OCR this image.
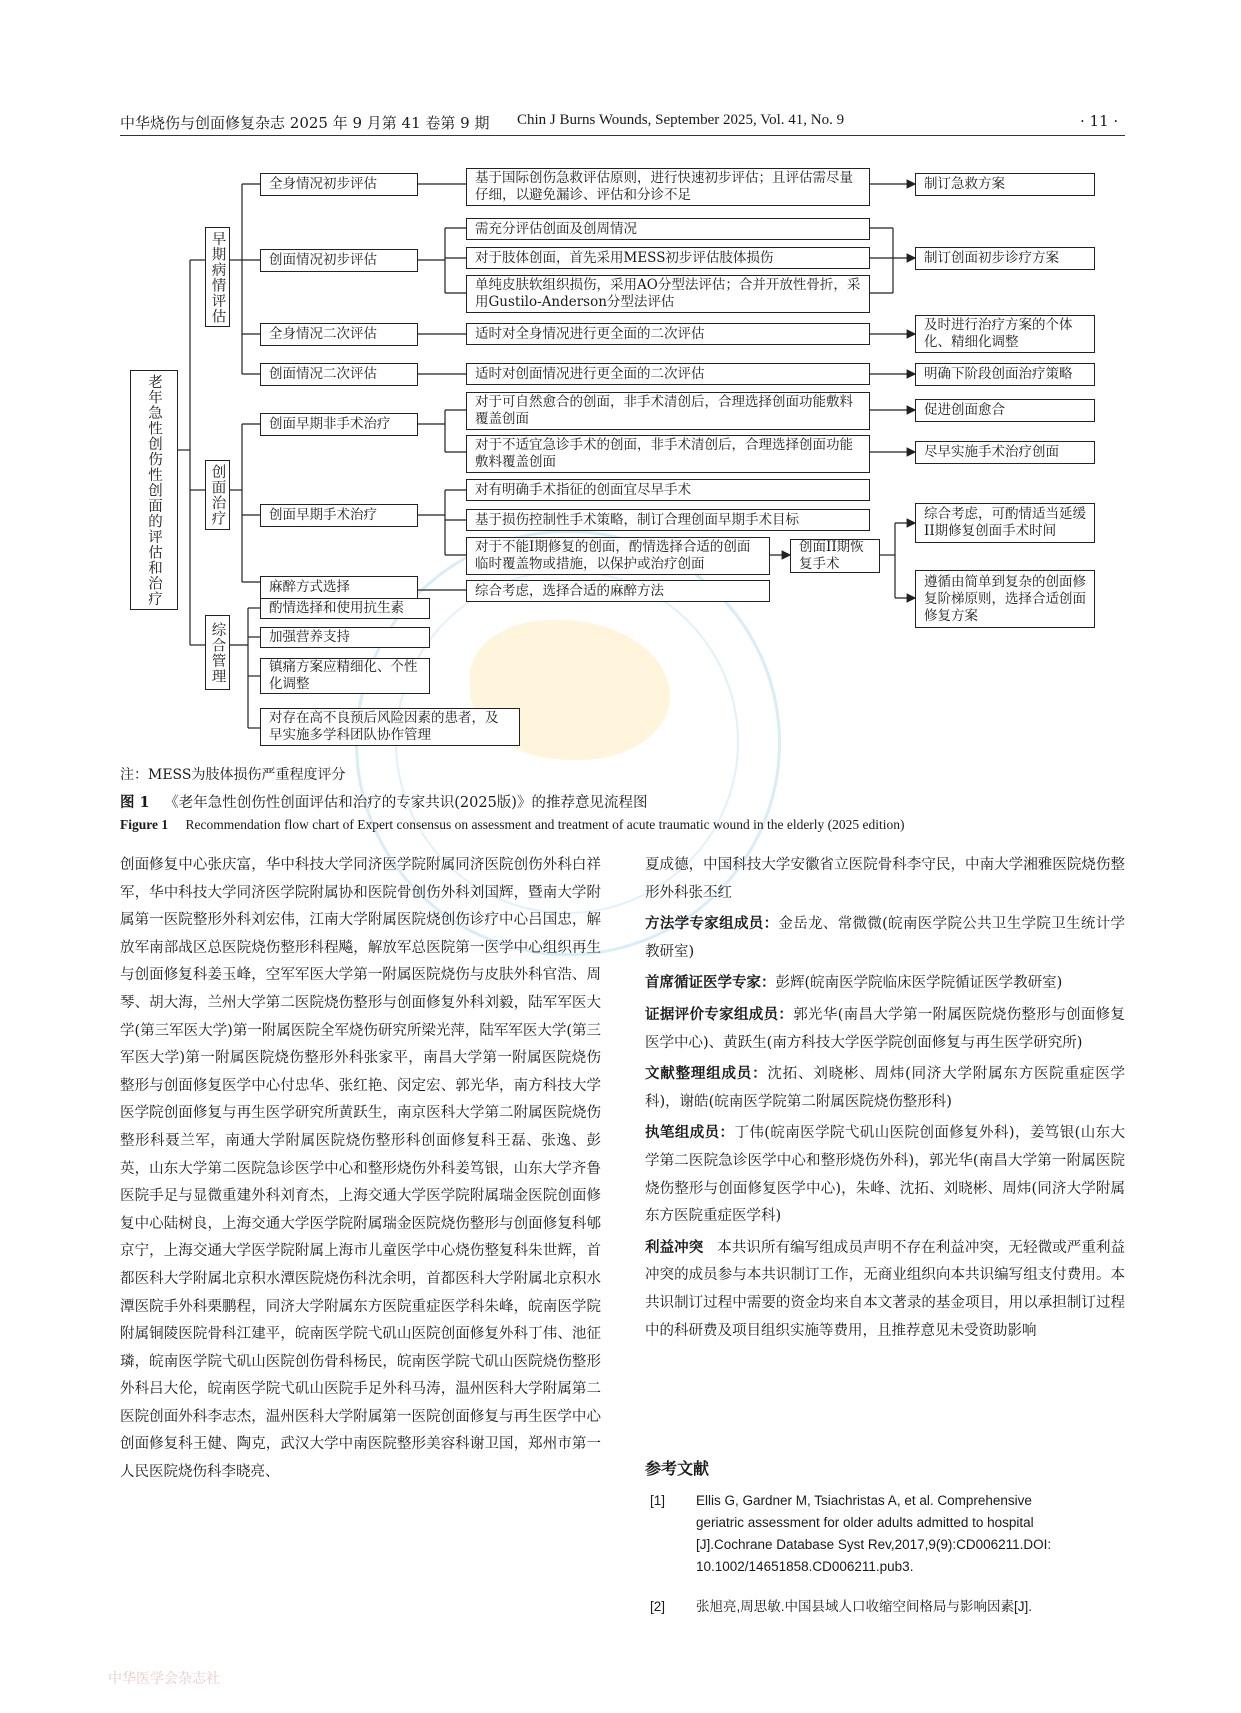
中华烧伤与创面修复杂志 2025 年 9 月第 41 卷第 9 期 Chin J Burns Wounds, September 2025, Vol. 41, No. 9	· 11 ·
老年急性创伤性创面的评估和治疗
早期病情评估
创面治疗
综合管理
全身情况初步评估
创面情况初步评估
全身情况二次评估
创面情况二次评估
创面早期非手术治疗
创面早期手术治疗
麻醉方式选择
基于国际创伤急救评估原则，进行快速初步评估；且评估需尽量仔细，以避免漏诊、评估和分诊不足
需充分评估创面及创周情况
对于肢体创面，首先采用MESS初步评估肢体损伤
单纯皮肤软组织损伤，采用AO分型法评估；合并开放性骨折，采用Gustilo-Anderson分型法评估
适时对全身情况进行更全面的二次评估
适时对创面情况进行更全面的二次评估
对于可自然愈合的创面，非手术清创后，合理选择创面功能敷料覆盖创面
对于不适宜急诊手术的创面，非手术清创后，合理选择创面功能敷料覆盖创面
对有明确手术指征的创面宜尽早手术
基于损伤控制性手术策略，制订合理创面早期手术目标
对于不能I期修复的创面，酌情选择合适的创面临时覆盖物或措施，以保护或治疗创面
综合考虑，选择合适的麻醉方法
创面II期恢复手术
制订急救方案
制订创面初步诊疗方案
及时进行治疗方案的个体化、精细化调整
明确下阶段创面治疗策略
促进创面愈合
尽早实施手术治疗创面
综合考虑，可酌情适当延缓II期修复创面手术时间
遵循由简单到复杂的创面修复阶梯原则，选择合适创面修复方案
酌情选择和使用抗生素
加强营养支持
镇痛方案应精细化、个性化调整
对存在高不良预后风险因素的患者，及早实施多学科团队协作管理
注：MESS为肢体损伤严重程度评分
图 1 《老年急性创伤性创面评估和治疗的专家共识(2025版)》的推荐意见流程图
Figure 1 Recommendation flow chart of Expert consensus on assessment and treatment of acute traumatic wound in the elderly (2025 edition)
创面修复中心张庆富，华中科技大学同济医学院附属同济医院创伤外科白祥军，华中科技大学同济医学院附属协和医院骨创伤外科刘国辉，暨南大学附属第一医院整形外科刘宏伟，江南大学附属医院烧创伤诊疗中心吕国忠，解放军南部战区总医院烧伤整形科程飚，解放军总医院第一医学中心组织再生与创面修复科姜玉峰，空军军医大学第一附属医院烧伤与皮肤外科官浩、周琴、胡大海，兰州大学第二医院烧伤整形与创面修复外科刘毅，陆军军医大学(第三军医大学)第一附属医院全军烧伤研究所梁光萍，陆军军医大学(第三军医大学)第一附属医院烧伤整形外科张家平，南昌大学第一附属医院烧伤整形与创面修复医学中心付忠华、张红艳、闵定宏、郭光华，南方科技大学医学院创面修复与再生医学研究所黄跃生，南京医科大学第二附属医院烧伤整形科聂兰军，南通大学附属医院烧伤整形科创面修复科王磊、张逸、彭英，山东大学第二医院急诊医学中心和整形烧伤外科姜笃银，山东大学齐鲁医院手足与显微重建外科刘育杰，上海交通大学医学院附属瑞金医院创面修复中心陆树良，上海交通大学医学院附属瑞金医院烧伤整形与创面修复科郇京宁，上海交通大学医学院附属上海市儿童医学中心烧伤整复科朱世辉，首都医科大学附属北京积水潭医院烧伤科沈余明，首都医科大学附属北京积水潭医院手外科栗鹏程，同济大学附属东方医院重症医学科朱峰，皖南医学院附属铜陵医院骨科江建平，皖南医学院弋矶山医院创面修复外科丁伟、池征璘，皖南医学院弋矶山医院创伤骨科杨民，皖南医学院弋矶山医院烧伤整形外科吕大伦，皖南医学院弋矶山医院手足外科马涛，温州医科大学附属第二医院创面外科李志杰，温州医科大学附属第一医院创面修复与再生医学中心创面修复科王健、陶克，武汉大学中南医院整形美容科谢卫国，郑州市第一人民医院烧伤科李晓亮、

夏成德，中国科技大学安徽省立医院骨科李守民，中南大学湘雅医院烧伤整形外科张丕红

方法学专家组成员：金岳龙、常微微(皖南医学院公共卫生学院卫生统计学教研室)

首席循证医学专家：彭辉(皖南医学院临床医学院循证医学教研室)

证据评价专家组成员：郭光华(南昌大学第一附属医院烧伤整形与创面修复医学中心)、黄跃生(南方科技大学医学院创面修复与再生医学研究所)

文献整理组成员：沈拓、刘晓彬、周炜(同济大学附属东方医院重症医学科)，谢皓(皖南医学院第二附属医院烧伤整形科)

执笔组成员：丁伟(皖南医学院弋矶山医院创面修复外科)，姜笃银(山东大学第二医院急诊医学中心和整形烧伤外科)，郭光华(南昌大学第一附属医院烧伤整形与创面修复医学中心)，朱峰、沈拓、刘晓彬、周炜(同济大学附属东方医院重症医学科)

利益冲突 本共识所有编写组成员声明不存在利益冲突，无轻微或严重利益冲突的成员参与本共识制订工作，无商业组织向本共识编写组支付费用。本共识制订过程中需要的资金均来自本文著录的基金项目，用以承担制订过程中的科研费及项目组织实施等费用，且推荐意见未受资助影响

参考文献
[1] Ellis G, Gardner M, Tsiachristas A, et al. Comprehensive geriatric assessment for older adults admitted to hospital [J].Cochrane Database Syst Rev,2017,9(9):CD006211.DOI: 10.1002/14651858.CD006211.pub3.
[2] 张旭亮,周思敏.中国县域人口收缩空间格局与影响因素[J].
中华医学会杂志社
